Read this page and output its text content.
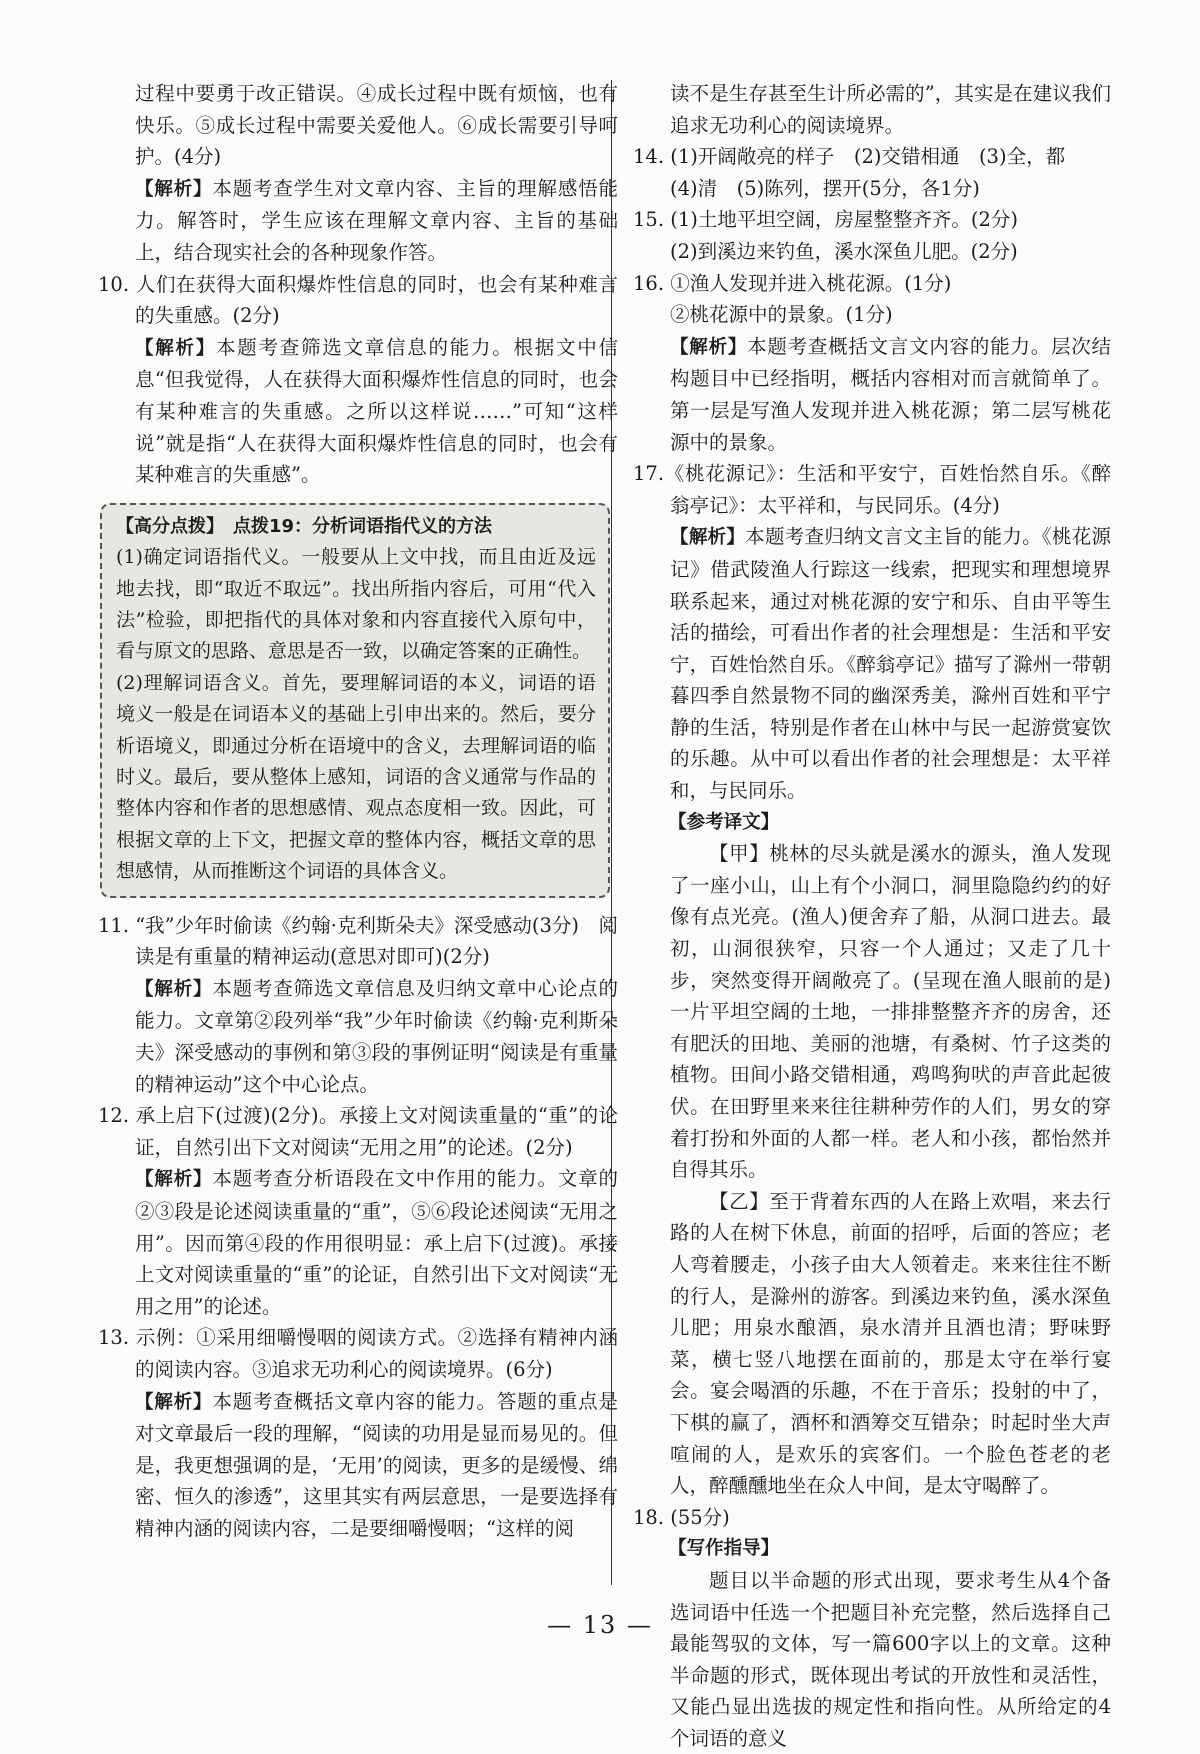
过程中要勇于改正错误。④成长过程中既有烦恼，也有快乐。⑤成长过程中需要关爱他人。⑥成长需要引导呵护。(4分)

【解析】本题考查学生对文章内容、主旨的理解感悟能力。解答时，学生应该在理解文章内容、主旨的基础上，结合现实社会的各种现象作答。

10. 人们在获得大面积爆炸性信息的同时，也会有某种难言的失重感。(2分)

【解析】本题考查筛选文章信息的能力。根据文中信息“但我觉得，人在获得大面积爆炸性信息的同时，也会有某种难言的失重感。之所以这样说……”可知“这样说”就是指“人在获得大面积爆炸性信息的同时，也会有某种难言的失重感”。

【高分点拨】　点拨19：分析词语指代义的方法

(1)确定词语指代义。一般要从上文中找，而且由近及远地去找，即“取近不取远”。找出所指内容后，可用“代入法”检验，即把指代的具体对象和内容直接代入原句中，看与原文的思路、意思是否一致，以确定答案的正确性。

(2)理解词语含义。首先，要理解词语的本义，词语的语境义一般是在词语本义的基础上引申出来的。然后，要分析语境义，即通过分析在语境中的含义，去理解词语的临时义。最后，要从整体上感知，词语的含义通常与作品的整体内容和作者的思想感情、观点态度相一致。因此，可根据文章的上下文，把握文章的整体内容，概括文章的思想感情，从而推断这个词语的具体含义。

11. “我”少年时偷读《约翰·克利斯朵夫》深受感动(3分)　阅读是有重量的精神运动(意思对即可)(2分)

【解析】本题考查筛选文章信息及归纳文章中心论点的能力。文章第②段列举“我”少年时偷读《约翰·克利斯朵夫》深受感动的事例和第③段的事例证明“阅读是有重量的精神运动”这个中心论点。

12. 承上启下(过渡)(2分)。承接上文对阅读重量的“重”的论证，自然引出下文对阅读“无用之用”的论述。(2分)

【解析】本题考查分析语段在文中作用的能力。文章的②③段是论述阅读重量的“重”，⑤⑥段论述阅读“无用之用”。因而第④段的作用很明显：承上启下(过渡)。承接上文对阅读重量的“重”的论证，自然引出下文对阅读“无用之用”的论述。

13. 示例：①采用细嚼慢咽的阅读方式。②选择有精神内涵的阅读内容。③追求无功利心的阅读境界。(6分)

【解析】本题考查概括文章内容的能力。答题的重点是对文章最后一段的理解，“阅读的功用是显而易见的。但是，我更想强调的是，‘无用’的阅读，更多的是缓慢、绵密、恒久的渗透”，这里其实有两层意思，一是要选择有精神内涵的阅读内容，二是要细嚼慢咽；“这样的阅

读不是生存甚至生计所必需的”，其实是在建议我们追求无功利心的阅读境界。

14. (1)开阔敞亮的样子　(2)交错相通　(3)全，都

(4)清　(5)陈列，摆开(5分，各1分)

15. (1)土地平坦空阔，房屋整整齐齐。(2分)

(2)到溪边来钓鱼，溪水深鱼儿肥。(2分)

16. ①渔人发现并进入桃花源。(1分)

②桃花源中的景象。(1分)

【解析】本题考查概括文言文内容的能力。层次结构题目中已经指明，概括内容相对而言就简单了。第一层是写渔人发现并进入桃花源；第二层写桃花源中的景象。

17.《桃花源记》：生活和平安宁，百姓怡然自乐。《醉翁亭记》：太平祥和，与民同乐。(4分)

【解析】本题考查归纳文言文主旨的能力。《桃花源记》借武陵渔人行踪这一线索，把现实和理想境界联系起来，通过对桃花源的安宁和乐、自由平等生活的描绘，可看出作者的社会理想是：生活和平安宁，百姓怡然自乐。《醉翁亭记》描写了滁州一带朝暮四季自然景物不同的幽深秀美，滁州百姓和平宁静的生活，特别是作者在山林中与民一起游赏宴饮的乐趣。从中可以看出作者的社会理想是：太平祥和，与民同乐。

【参考译文】

【甲】桃林的尽头就是溪水的源头，渔人发现了一座小山，山上有个小洞口，洞里隐隐约约的好像有点光亮。(渔人)便舍弃了船，从洞口进去。最初，山洞很狭窄，只容一个人通过；又走了几十步，突然变得开阔敞亮了。(呈现在渔人眼前的是)一片平坦空阔的土地，一排排整整齐齐的房舍，还有肥沃的田地、美丽的池塘，有桑树、竹子这类的植物。田间小路交错相通，鸡鸣狗吠的声音此起彼伏。在田野里来来往往耕种劳作的人们，男女的穿着打扮和外面的人都一样。老人和小孩，都怡然并自得其乐。

【乙】至于背着东西的人在路上欢唱，来去行路的人在树下休息，前面的招呼，后面的答应；老人弯着腰走，小孩子由大人领着走。来来往往不断的行人，是滁州的游客。到溪边来钓鱼，溪水深鱼儿肥；用泉水酿酒，泉水清并且酒也清；野味野菜，横七竖八地摆在面前的，那是太守在举行宴会。宴会喝酒的乐趣，不在于音乐；投射的中了，下棋的赢了，酒杯和酒筹交互错杂；时起时坐大声喧闹的人，是欢乐的宾客们。一个脸色苍老的老人，醉醺醺地坐在众人中间，是太守喝醉了。

18. (55分)

【写作指导】

题目以半命题的形式出现，要求考生从4个备选词语中任选一个把题目补充完整，然后选择自己最能驾驭的文体，写一篇600字以上的文章。这种半命题的形式，既体现出考试的开放性和灵活性，又能凸显出选拔的规定性和指向性。从所给定的4个词语的意义

— 13 —
